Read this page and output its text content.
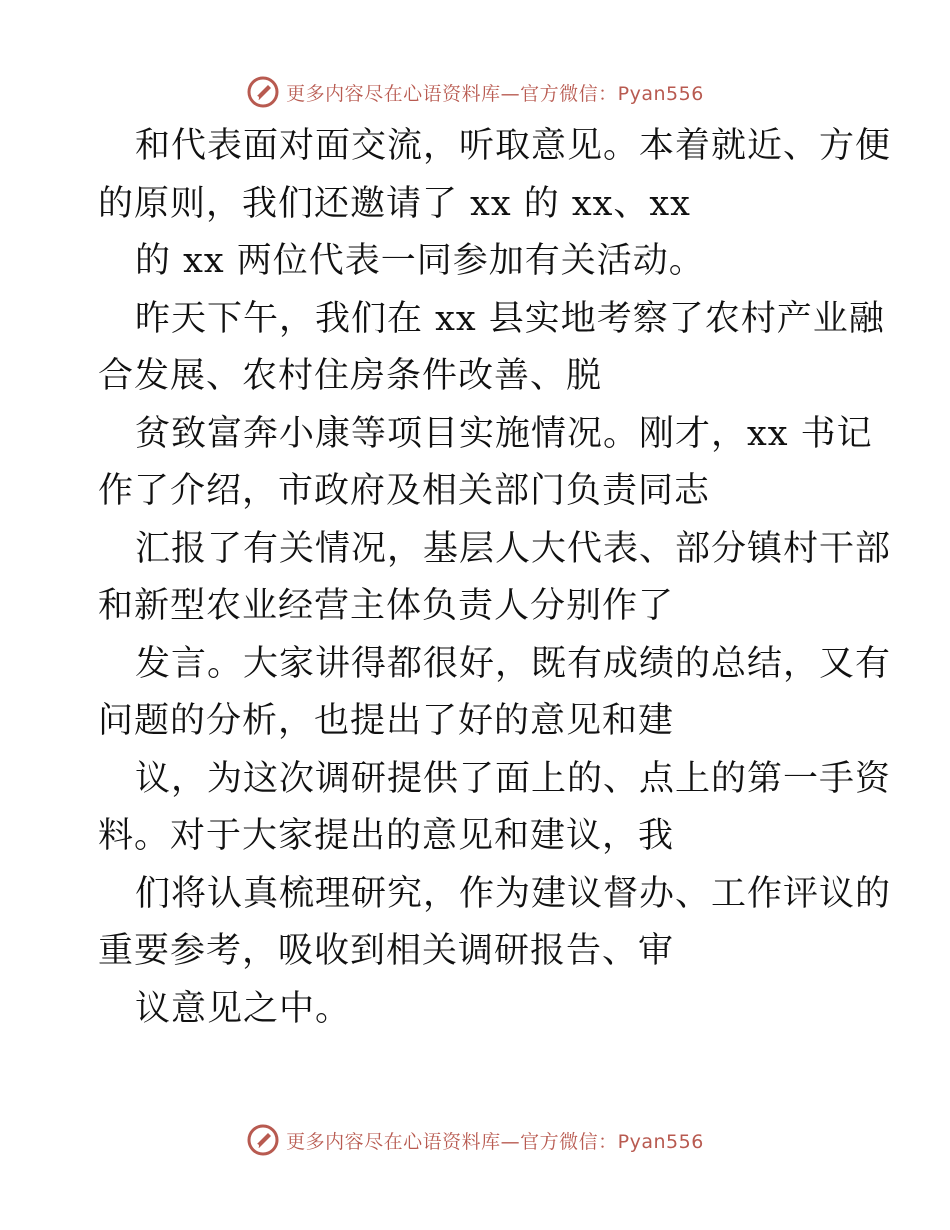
更多内容尽在心语资料库—官方微信：Pyan556
和代表面对面交流，听取意见。本着就近、方便
的原则，我们还邀请了 xx 的 xx、xx
的 xx 两位代表一同参加有关活动。
昨天下午，我们在 xx 县实地考察了农村产业融
合发展、农村住房条件改善、脱
贫致富奔小康等项目实施情况。刚才，xx 书记
作了介绍，市政府及相关部门负责同志
汇报了有关情况，基层人大代表、部分镇村干部
和新型农业经营主体负责人分别作了
发言。大家讲得都很好，既有成绩的总结，又有
问题的分析，也提出了好的意见和建
议，为这次调研提供了面上的、点上的第一手资
料。对于大家提出的意见和建议，我
们将认真梳理研究，作为建议督办、工作评议的
重要参考，吸收到相关调研报告、审
议意见之中。
更多内容尽在心语资料库—官方微信：Pyan556
